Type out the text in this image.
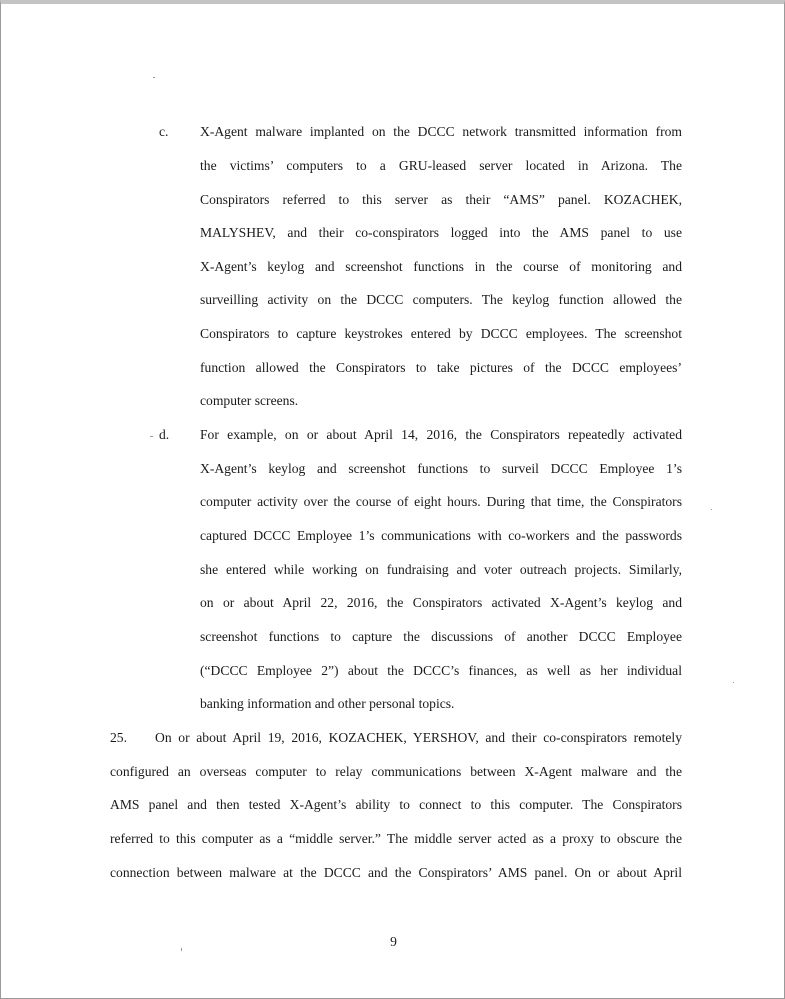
c. X-Agent malware implanted on the DCCC network transmitted information from
the victims’ computers to a GRU-leased server located in Arizona. The
Conspirators referred to this server as their “AMS” panel. KOZACHEK,
MALYSHEV, and their co-conspirators logged into the AMS panel to use
X-Agent’s keylog and screenshot functions in the course of monitoring and
surveilling activity on the DCCC computers. The keylog function allowed the
Conspirators to capture keystrokes entered by DCCC employees. The screenshot
function allowed the Conspirators to take pictures of the DCCC employees’
computer screens.
d. For example, on or about April 14, 2016, the Conspirators repeatedly activated
X-Agent’s keylog and screenshot functions to surveil DCCC Employee 1’s
computer activity over the course of eight hours. During that time, the Conspirators
captured DCCC Employee 1’s communications with co-workers and the passwords
she entered while working on fundraising and voter outreach projects. Similarly,
on or about April 22, 2016, the Conspirators activated X-Agent’s keylog and
screenshot functions to capture the discussions of another DCCC Employee
(“DCCC Employee 2”) about the DCCC’s finances, as well as her individual
banking information and other personal topics.
25. On or about April 19, 2016, KOZACHEK, YERSHOV, and their co-conspirators remotely
configured an overseas computer to relay communications between X-Agent malware and the
AMS panel and then tested X-Agent’s ability to connect to this computer. The Conspirators
referred to this computer as a “middle server.” The middle server acted as a proxy to obscure the
connection between malware at the DCCC and the Conspirators’ AMS panel. On or about April
9
